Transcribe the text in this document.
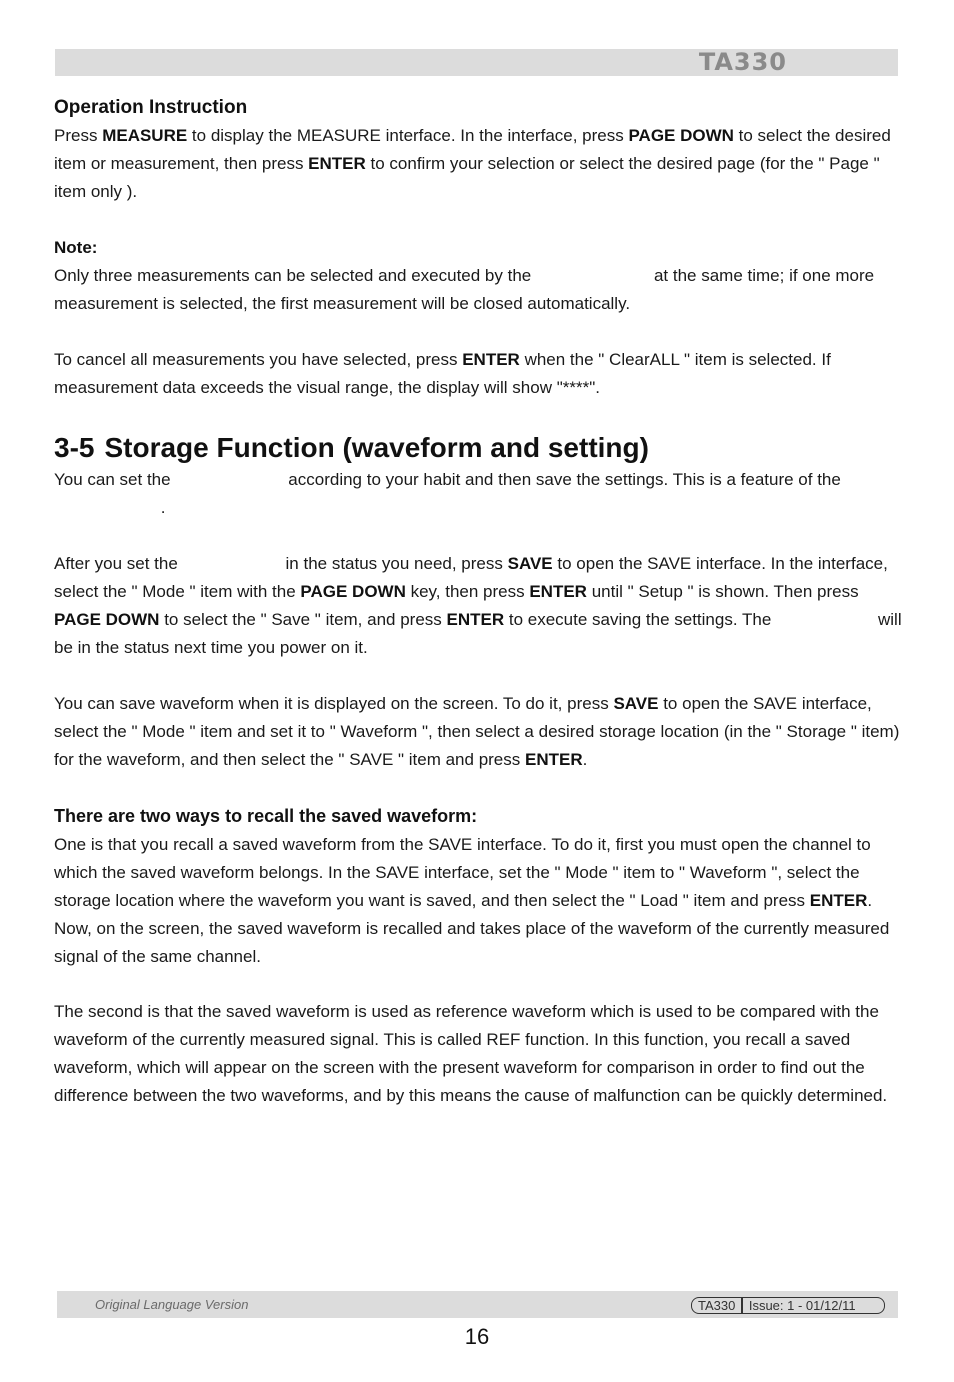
TA330
Operation Instruction

Press MEASURE to display the MEASURE interface. In the interface, press PAGE DOWN to select the desired item or measurement, then press ENTER to confirm your selection or select the desired page (for the " Page " item only ).

Note:

Only three measurements can be selected and executed by the	at the same time; if one more measurement is selected, the first measurement will be closed automatically.

To cancel all measurements you have selected, press ENTER when the " ClearALL " item is selected. If measurement data exceeds the visual range, the display will show "****".

3-5 Storage Function (waveform and setting)

You can set the	according to your habit and then save the settings. This is a feature of the .

After you set the	in the status you need, press SAVE to open the SAVE interface. In the interface, select the " Mode " item with the PAGE DOWN key, then press ENTER until " Setup " is shown. Then press PAGE DOWN to select the " Save " item, and press ENTER to execute saving the settings. The	will be in the status next time you power on it.

You can save waveform when it is displayed on the screen. To do it, press SAVE to open the SAVE interface, select the " Mode " item and set it to " Waveform ", then select a desired storage location (in the " Storage " item) for the waveform, and then select the " SAVE " item and press ENTER.

There are two ways to recall the saved waveform:

One is that you recall a saved waveform from the SAVE interface. To do it, first you must open the channel to which the saved waveform belongs. In the SAVE interface, set the " Mode " item to " Waveform ", select the storage location where the waveform you want is saved, and then select the " Load " item and press ENTER. Now, on the screen, the saved waveform is recalled and takes place of the waveform of the currently measured signal of the same channel.

The second is that the saved waveform is used as reference waveform which is used to be compared with the waveform of the currently measured signal. This is called REF function. In this function, you recall a saved waveform, which will appear on the screen with the present waveform for comparison in order to find out the difference between the two waveforms, and by this means the cause of malfunction can be quickly determined.

Original Language Version	TA330	Issue: 1 - 01/12/11
16
